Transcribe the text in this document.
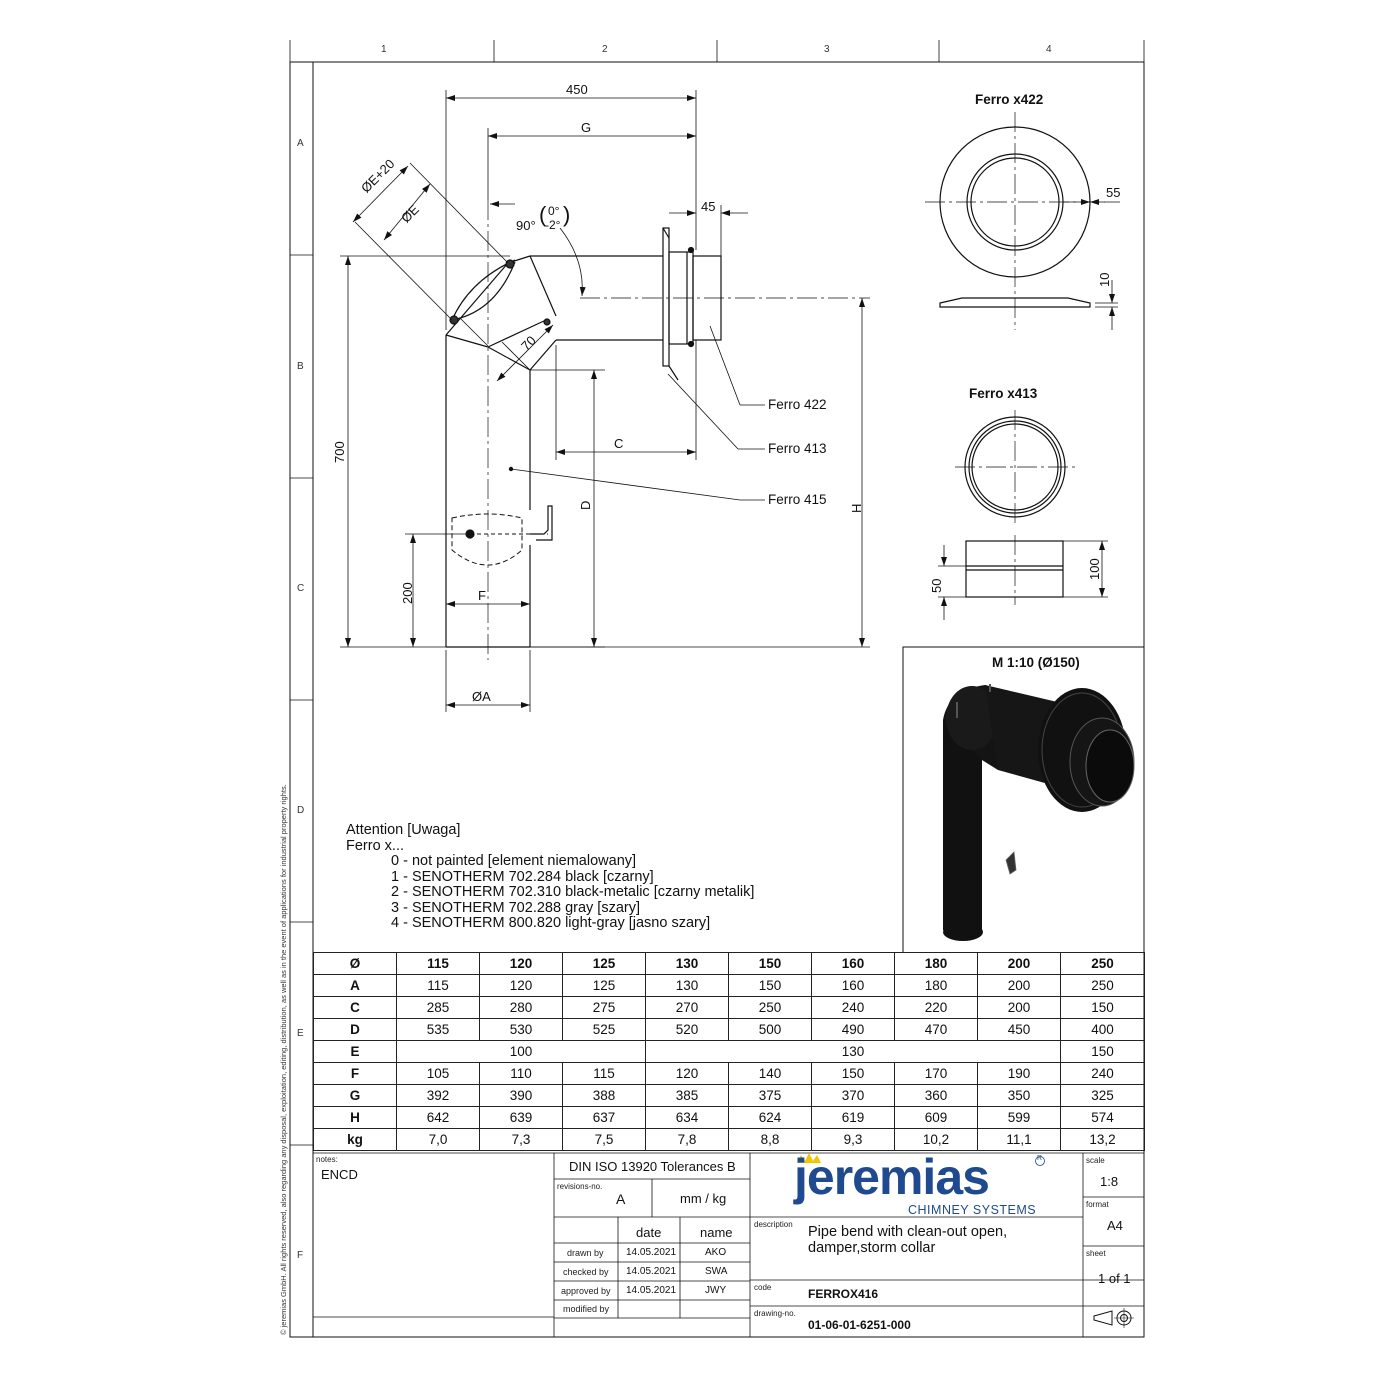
1	2	3	4
A
B
C
D
E
F
450
G
45
ØE+20
ØE	90°
0°
-2°
( )
70
700	C
D	H
200	F
ØA
Ferro 422
Ferro 413
Ferro 415
Ferro x422
55
10
Ferro x413
50
100
M 1:10 (Ø150)
Attention [Uwaga]
Ferro x...
0 - not painted [element niemalowany]
1 - SENOTHERM 702.284 black [czarny]
2 - SENOTHERM 702.310 black-metalic [czarny metalik]
3 - SENOTHERM 702.288 gray [szary]
4 - SENOTHERM 800.820 light-gray [jasno szary]
Ø	115	120	125	130	150	160	180	200	250
A	115	120	125	130	150	160	180	200	250
C	285	280	275	270	250	240	220	200	150
D	535	530	525	520	500	490	470	450	400
E	100			130					150
F	105	110	115	120	140	150	170	190	240
G	392	390	388	385	375	370	360	350	325
H	642	639	637	634	624	619	609	599	574
kg	7,0	7,3	7,5	7,8	8,8	9,3	10,2	11,1	13,2
notes:
ENCD
DIN ISO 13920 Tolerances B
revisions-no.
A	mm / kg
date	name
drawn by 14.05.2021	AKO
checked by 14.05.2021	SWA
approved by 14.05.2021	JWY
modified by
jeremias
CHIMNEY SYSTEMS
R
description Pipe bend with clean-out open,
damper,storm collar
code	FERROX416
drawing-no.
01-06-01-6251-000
scale
1:8
format
A4
sheet
1 of 1
© jeremias GmbH. All rights reserved, also regarding any disposal, exploitation, editing, distribution, as well as in the event of applications for industrial property rights.
